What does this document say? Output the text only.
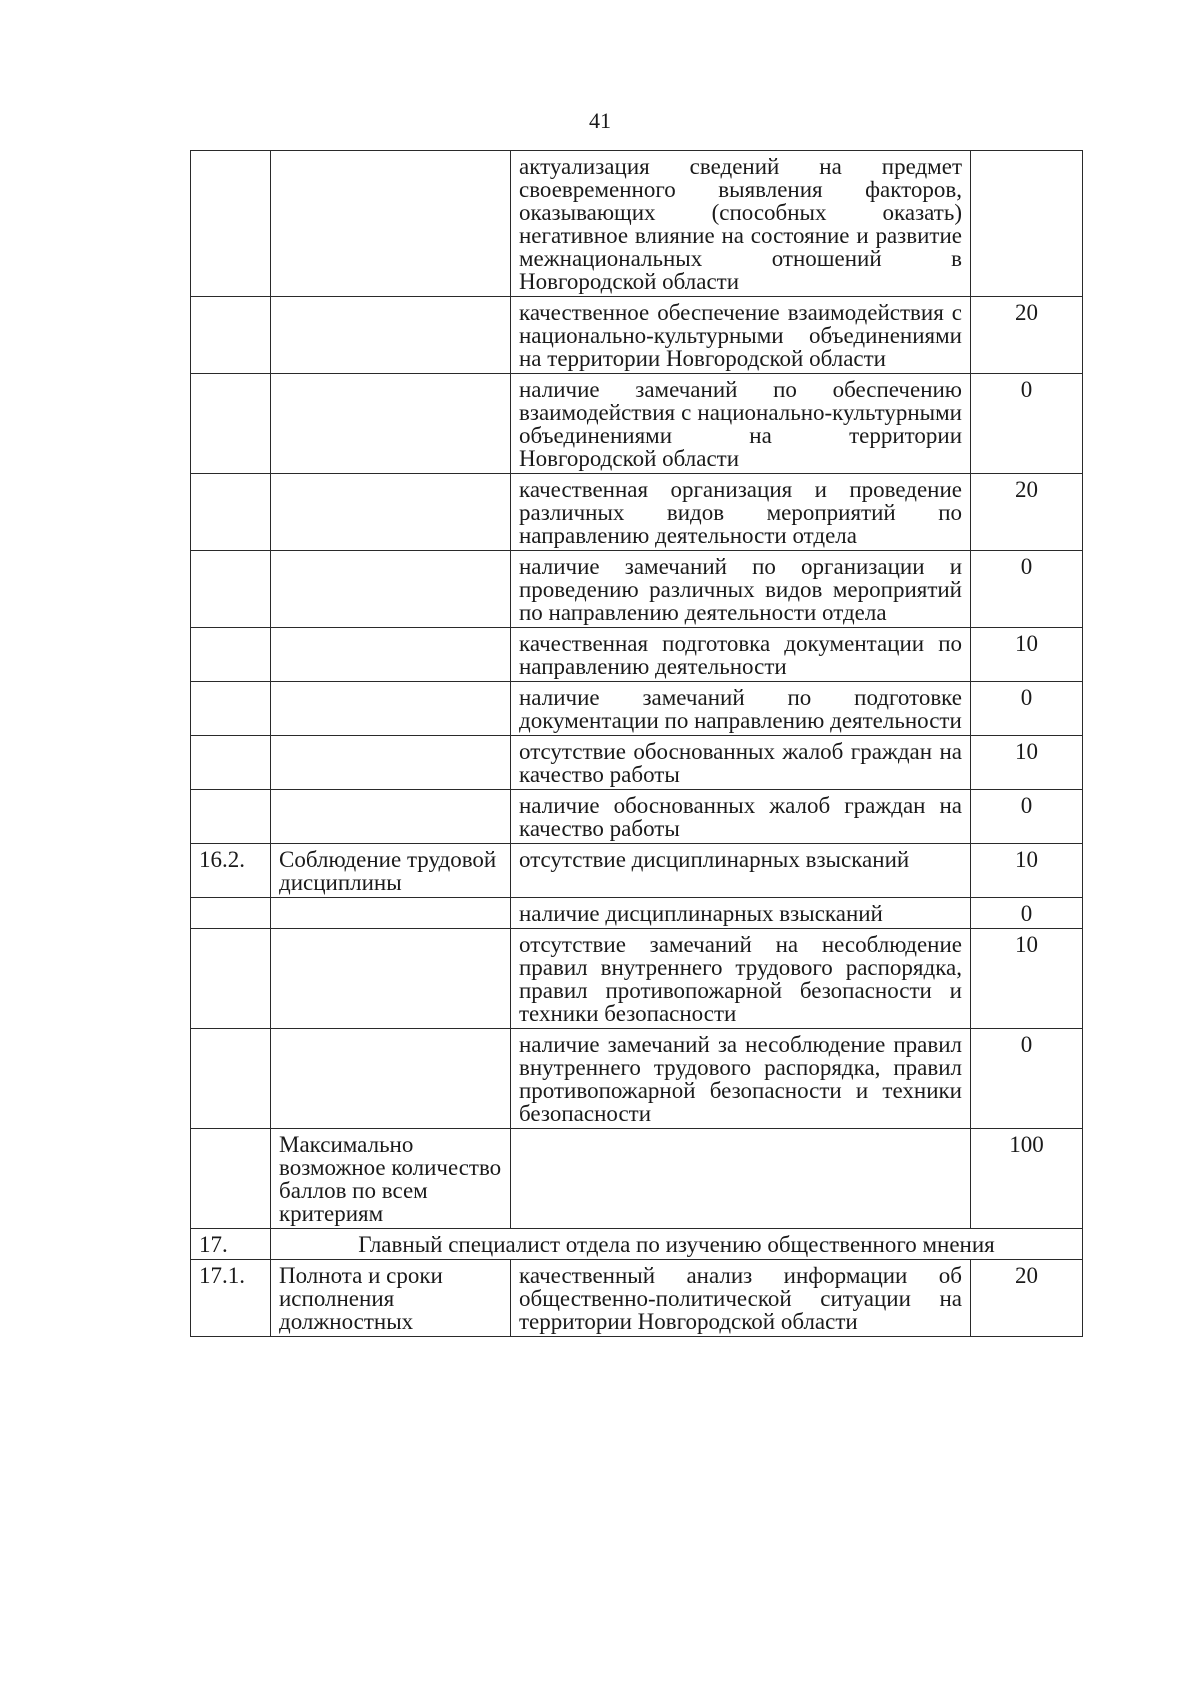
41
		актуализация сведений на предмет своевременного выявления факторов, оказывающих (способных оказать) негативное влияние на состояние и развитие межнациональных отношений в Новгородской области	
		качественное обеспечение взаимодействия с национально-культурными объединениями на территории Новгородской области	20
		наличие замечаний по обеспечению взаимодействия с национально-культурными объединениями на территории Новгородской области	0
		качественная организация и проведение различных видов мероприятий по направлению деятельности отдела	20
		наличие замечаний по организации и проведению различных видов мероприятий по направлению деятельности отдела	0
		качественная подготовка документации по направлению деятельности	10
		наличие замечаний по подготовке документации по направлению деятельности	0
		отсутствие обоснованных жалоб граждан на качество работы	10
		наличие обоснованных жалоб граждан на качество работы	0
16.2.	Соблюдение трудовой дисциплины	отсутствие дисциплинарных взысканий	10
		наличие дисциплинарных взысканий	0
		отсутствие замечаний на несоблюдение правил внутреннего трудового распорядка, правил противопожарной безопасности и техники безопасности	10
		наличие замечаний за несоблюдение правил внутреннего трудового распорядка, правил противопожарной безопасности и техники безопасности	0
	Максимально возможное количество баллов по всем критериям		100
17.	Главный специалист отдела по изучению общественного мнения		
17.1.	Полнота и сроки исполнения должностных	качественный анализ информации об общественно-политической ситуации на территории Новгородской области	20
